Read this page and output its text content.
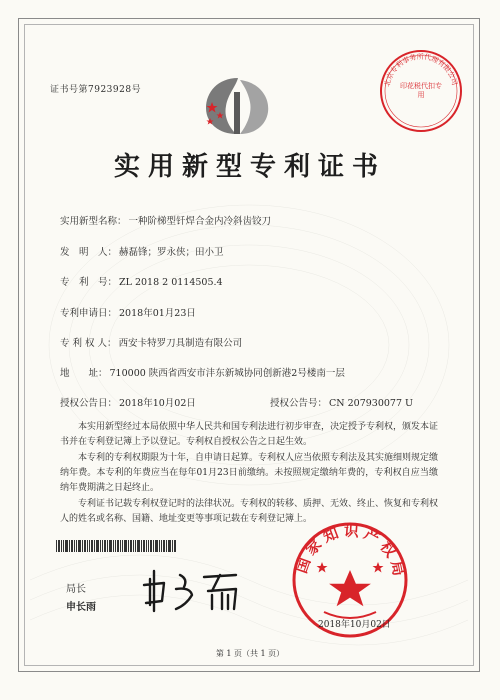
证书号第7923928号
北京专利事务所代理有限公司
印花税代扣专用
实用新型专利证书
实用新型名称： 一种阶梯型钎焊合金内冷斜齿铰刀
发　明　人： 赫磊锋；罗永侠；田小卫
专　利　号： ZL 2018 2 0114505.4
专利申请日： 2018年01月23日
专 利 权 人： 西安卡特罗刀具制造有限公司
地　　址： 710000 陕西省西安市沣东新城协同创新港2号楼南一层
授权公告日： 2018年10月02日	授权公告号： CN 207930077 U
本实用新型经过本局依照中华人民共和国专利法进行初步审查，决定授予专利权，颁发本证书并在专利登记簿上予以登记。专利权自授权公告之日起生效。
本专利的专利权期限为十年，自申请日起算。专利权人应当依照专利法及其实施细则规定缴纳年费。本专利的年费应当在每年01月23日前缴纳。未按照规定缴纳年费的，专利权自应当缴纳年费期满之日起终止。
专利证书记载专利权登记时的法律状况。专利权的转移、质押、无效、终止、恢复和专利权人的姓名或名称、国籍、地址变更等事项记载在专利登记簿上。
局长
申长雨
国家知识产权局
2018年10月02日
第 1 页（共 1 页）
